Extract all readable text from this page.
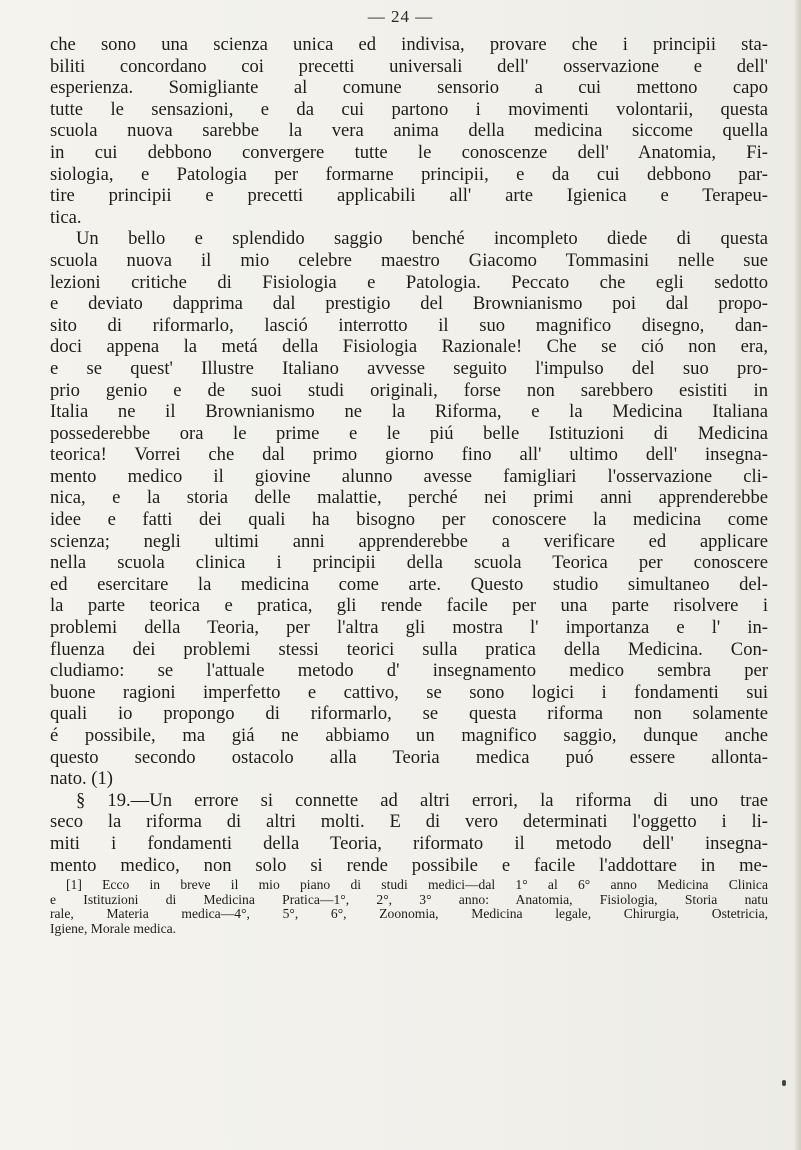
— 24 —
che sono una scienza unica ed indivisa, provare che i principii sta-
biliti concordano coi precetti universali dell' osservazione e dell'
esperienza. Somigliante al comune sensorio a cui mettono capo
tutte le sensazioni, e da cui partono i movimenti volontarii, questa
scuola nuova sarebbe la vera anima della medicina siccome quella
in cui debbono convergere tutte le conoscenze dell' Anatomia, Fi-
siologia, e Patologia per formarne principii, e da cui debbono par-
tire principii e precetti applicabili all' arte Igienica e Terapeu-
tica.
Un bello e splendido saggio benché incompleto diede di questa
scuola nuova il mio celebre maestro Giacomo Tommasini nelle sue
lezioni critiche di Fisiologia e Patologia. Peccato che egli sedotto
e deviato dapprima dal prestigio del Brownianismo poi dal propo-
sito di riformarlo, lasció interrotto il suo magnifico disegno, dan-
doci appena la metá della Fisiologia Razionale! Che se ció non era,
e se quest' Illustre Italiano avvesse seguito l'impulso del suo pro-
prio genio e de suoi studi originali, forse non sarebbero esistiti in
Italia ne il Brownianismo ne la Riforma, e la Medicina Italiana
possederebbe ora le prime e le piú belle Istituzioni di Medicina
teorica! Vorrei che dal primo giorno fino all' ultimo dell' insegna-
mento medico il giovine alunno avesse famigliari l'osservazione cli-
nica, e la storia delle malattie, perché nei primi anni apprenderebbe
idee e fatti dei quali ha bisogno per conoscere la medicina come
scienza; negli ultimi anni apprenderebbe a verificare ed applicare
nella scuola clinica i principii della scuola Teorica per conoscere
ed esercitare la medicina come arte. Questo studio simultaneo del-
la parte teorica e pratica, gli rende facile per una parte risolvere i
problemi della Teoria, per l'altra gli mostra l' importanza e l' in-
fluenza dei problemi stessi teorici sulla pratica della Medicina. Con-
cludiamo: se l'attuale metodo d' insegnamento medico sembra per
buone ragioni imperfetto e cattivo, se sono logici i fondamenti sui
quali io propongo di riformarlo, se questa riforma non solamente
é possibile, ma giá ne abbiamo un magnifico saggio, dunque anche
questo secondo ostacolo alla Teoria medica puó essere allonta-
nato. (1)
§ 19.—Un errore si connette ad altri errori, la riforma di uno trae
seco la riforma di altri molti. E di vero determinati l'oggetto i li-
miti i fondamenti della Teoria, riformato il metodo dell' insegna-
mento medico, non solo si rende possibile e facile l'addottare in me-
[1] Ecco in breve il mio piano di studi medici—dal 1° al 6° anno Medicina Clinica
e Istituzioni di Medicina Pratica—1°, 2°, 3° anno: Anatomia, Fisiologia, Storia natu
rale, Materia medica—4°, 5°, 6°, Zoonomia, Medicina legale, Chirurgia, Ostetricia,
Igiene, Morale medica.
